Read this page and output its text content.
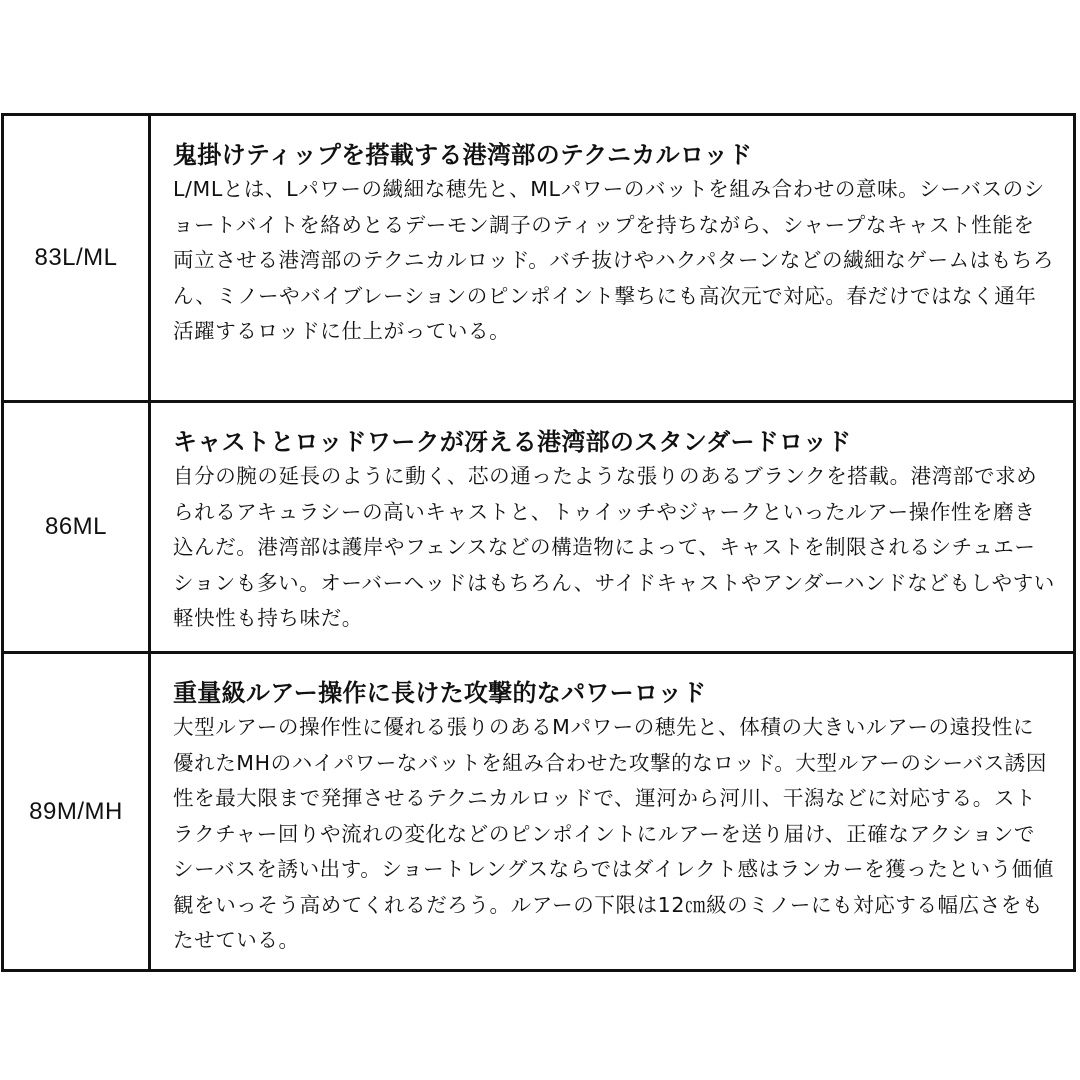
83L/ML

鬼掛けティップを搭載する港湾部のテクニカルロッド

L/MLとは、Lパワーの繊細な穂先と、MLパワーのバットを組み合わせの意味。シーバスのショートバイトを絡めとるデーモン調子のティップを持ちながら、シャープなキャスト性能を両立させる港湾部のテクニカルロッド。バチ抜けやハクパターンなどの繊細なゲームはもちろん、ミノーやバイブレーションのピンポイント撃ちにも高次元で対応。春だけではなく通年活躍するロッドに仕上がっている。

86ML

キャストとロッドワークが冴える港湾部のスタンダードロッド

自分の腕の延長のように動く、芯の通ったような張りのあるブランクを搭載。港湾部で求められるアキュラシーの高いキャストと、トゥイッチやジャークといったルアー操作性を磨き込んだ。港湾部は護岸やフェンスなどの構造物によって、キャストを制限されるシチュエーションも多い。オーバーヘッドはもちろん、サイドキャストやアンダーハンドなどもしやすい軽快性も持ち味だ。

89M/MH

重量級ルアー操作に長けた攻撃的なパワーロッド

大型ルアーの操作性に優れる張りのあるMパワーの穂先と、体積の大きいルアーの遠投性に優れたMHのハイパワーなバットを組み合わせた攻撃的なロッド。大型ルアーのシーバス誘因性を最大限まで発揮させるテクニカルロッドで、運河から河川、干潟などに対応する。ストラクチャー回りや流れの変化などのピンポイントにルアーを送り届け、正確なアクションでシーバスを誘い出す。ショートレングスならではダイレクト感はランカーを獲ったという価値観をいっそう高めてくれるだろう。ルアーの下限は12㎝級のミノーにも対応する幅広さをもたせている。
